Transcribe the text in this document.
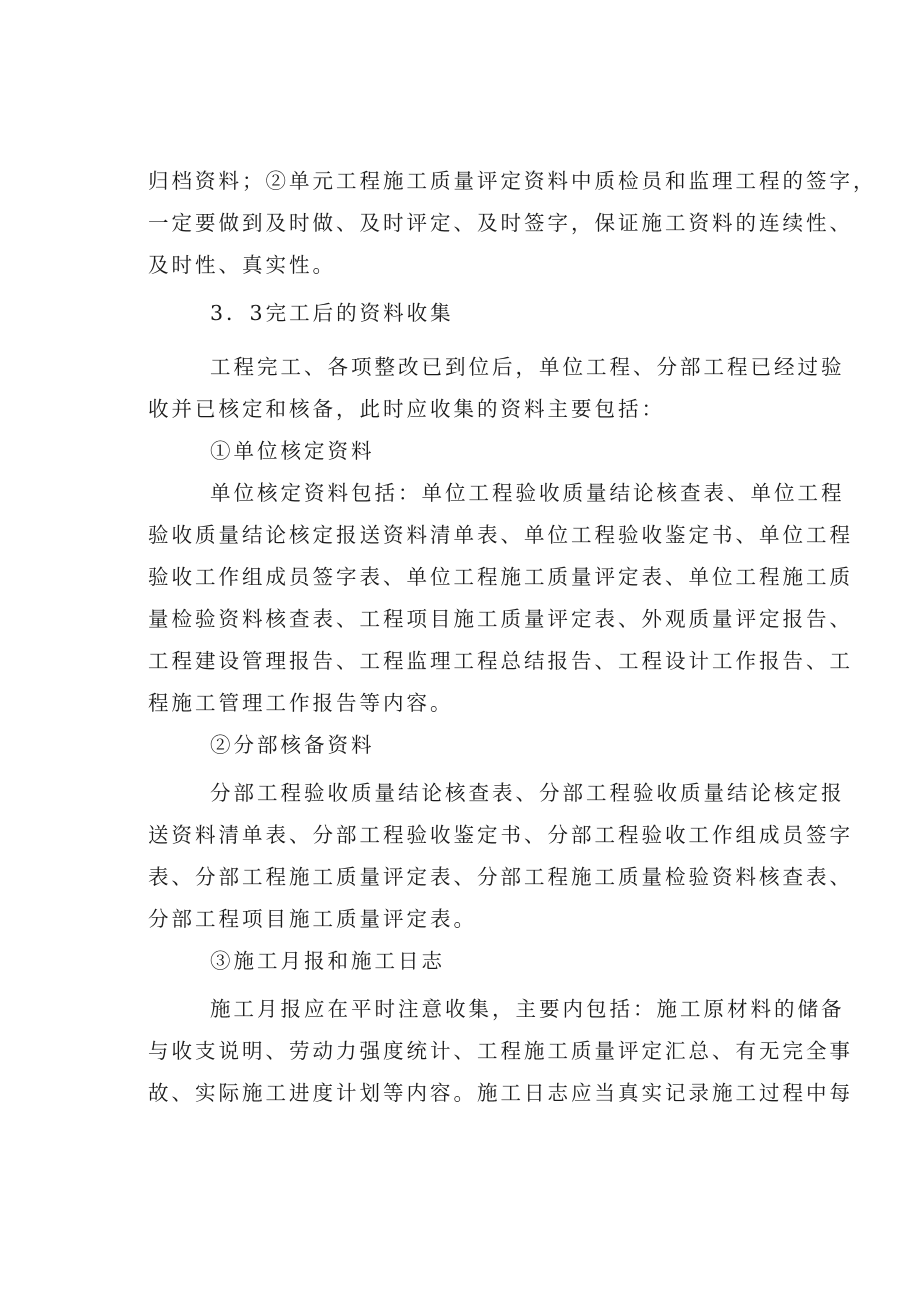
归档资料；②单元工程施工质量评定资料中质检员和监理工程的签字，
一定要做到及时做、及时评定、及时签字，保证施工资料的连续性、
及时性、真实性。
3．3完工后的资料收集
工程完工、各项整改已到位后，单位工程、分部工程已经过验
收并已核定和核备，此时应收集的资料主要包括：
①单位核定资料
单位核定资料包括：单位工程验收质量结论核查表、单位工程
验收质量结论核定报送资料清单表、单位工程验收鉴定书、单位工程
验收工作组成员签字表、单位工程施工质量评定表、单位工程施工质
量检验资料核查表、工程项目施工质量评定表、外观质量评定报告、
工程建设管理报告、工程监理工程总结报告、工程设计工作报告、工
程施工管理工作报告等内容。
②分部核备资料
分部工程验收质量结论核查表、分部工程验收质量结论核定报
送资料清单表、分部工程验收鉴定书、分部工程验收工作组成员签字
表、分部工程施工质量评定表、分部工程施工质量检验资料核查表、
分部工程项目施工质量评定表。
③施工月报和施工日志
施工月报应在平时注意收集，主要内包括：施工原材料的储备
与收支说明、劳动力强度统计、工程施工质量评定汇总、有无完全事
故、实际施工进度计划等内容。施工日志应当真实记录施工过程中每
